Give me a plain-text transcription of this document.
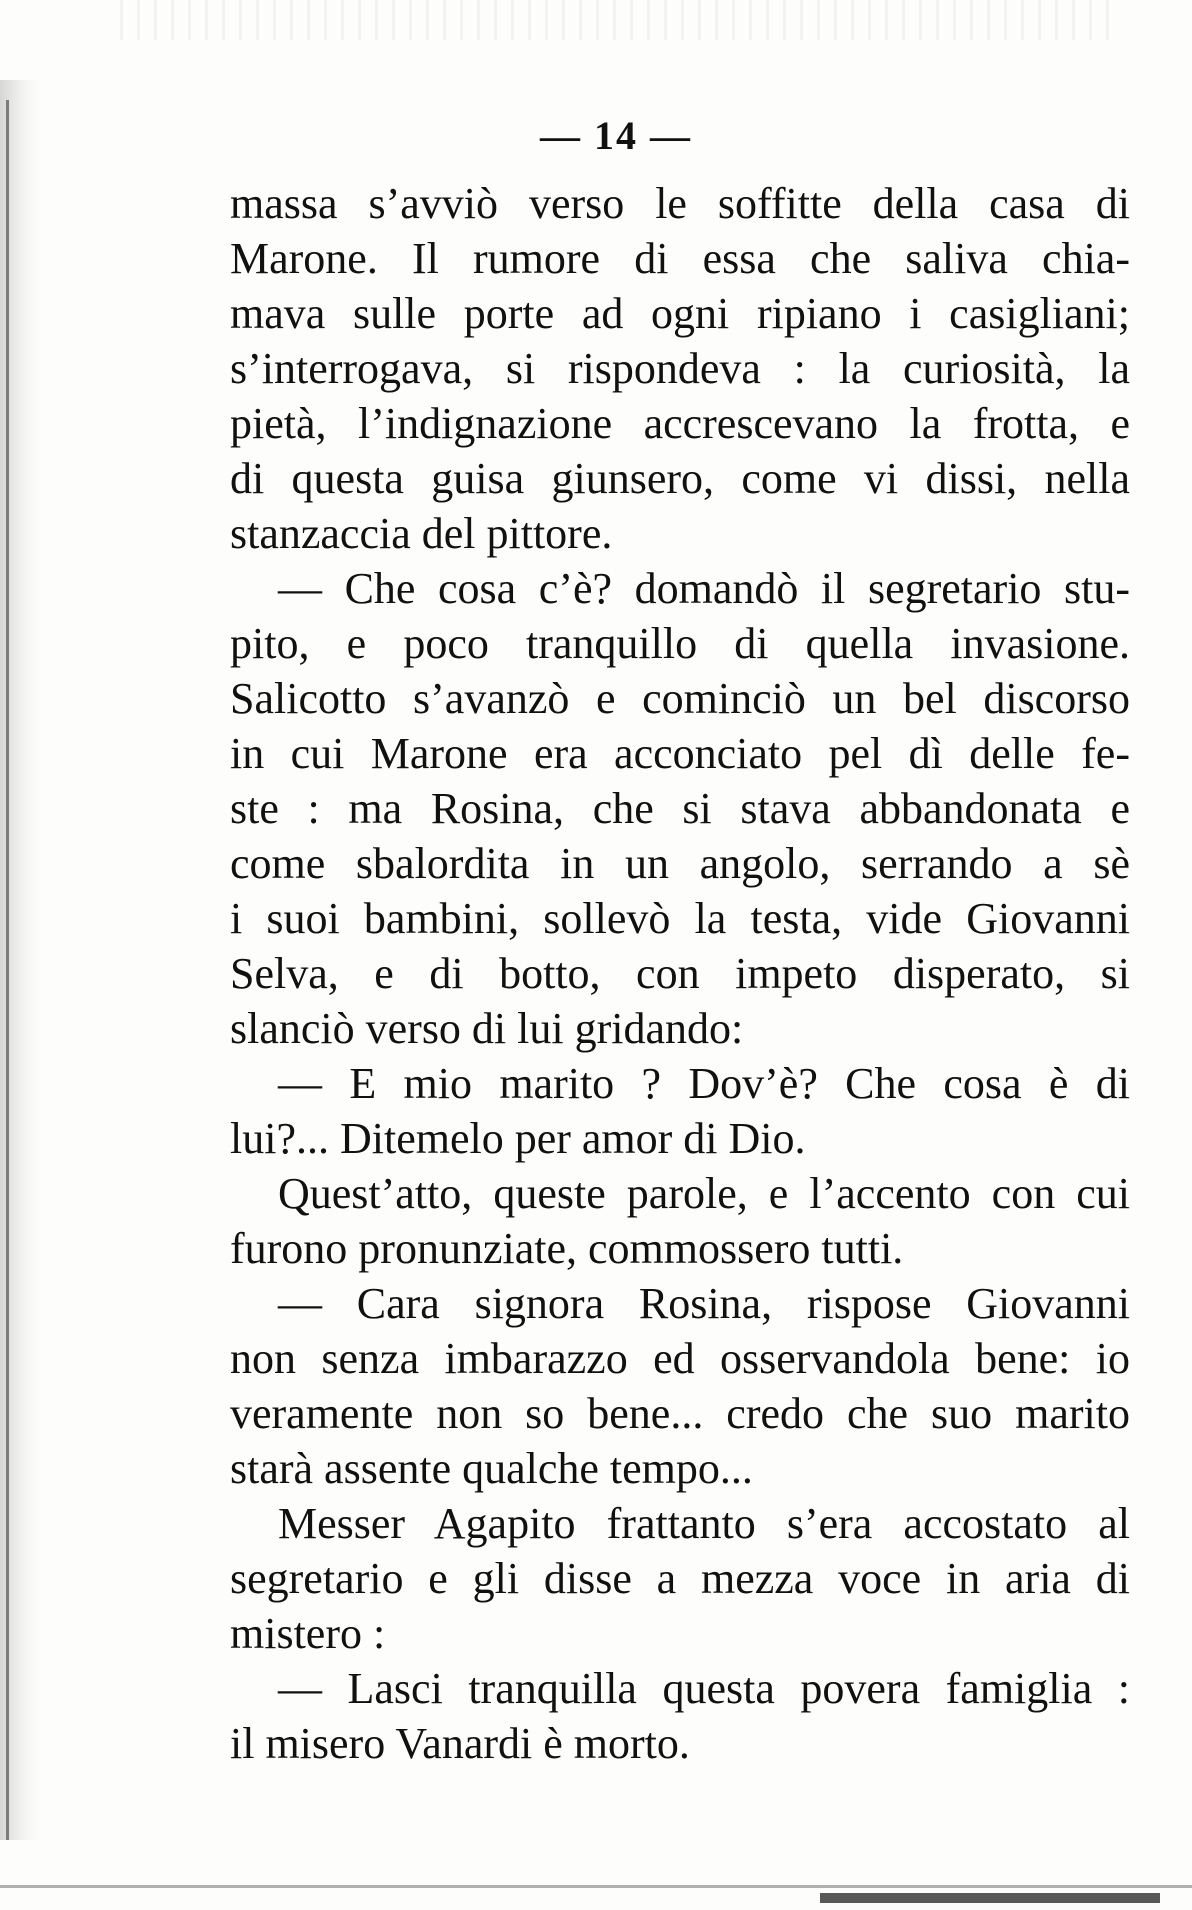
— 14 —
massa s’avviò verso le soffitte della casa di
Marone. Il rumore di essa che saliva chia-
mava sulle porte ad ogni ripiano i casigliani;
s’interrogava, si rispondeva : la curiosità, la
pietà, l’indignazione accrescevano la frotta, e
di questa guisa giunsero, come vi dissi, nella
stanzaccia del pittore.
— Che cosa c’è? domandò il segretario stu-
pito, e poco tranquillo di quella invasione.
Salicotto s’avanzò e cominciò un bel discorso
in cui Marone era acconciato pel dì delle fe-
ste : ma Rosina, che si stava abbandonata e
come sbalordita in un angolo, serrando a sè
i suoi bambini, sollevò la testa, vide Giovanni
Selva, e di botto, con impeto disperato, si
slanciò verso di lui gridando:
— E mio marito ? Dov’è? Che cosa è di
lui?... Ditemelo per amor di Dio.
Quest’atto, queste parole, e l’accento con cui
furono pronunziate, commossero tutti.
— Cara signora Rosina, rispose Giovanni
non senza imbarazzo ed osservandola bene: io
veramente non so bene... credo che suo marito
starà assente qualche tempo...
Messer Agapito frattanto s’era accostato al
segretario e gli disse a mezza voce in aria di
mistero :
— Lasci tranquilla questa povera famiglia :
il misero Vanardi è morto.
